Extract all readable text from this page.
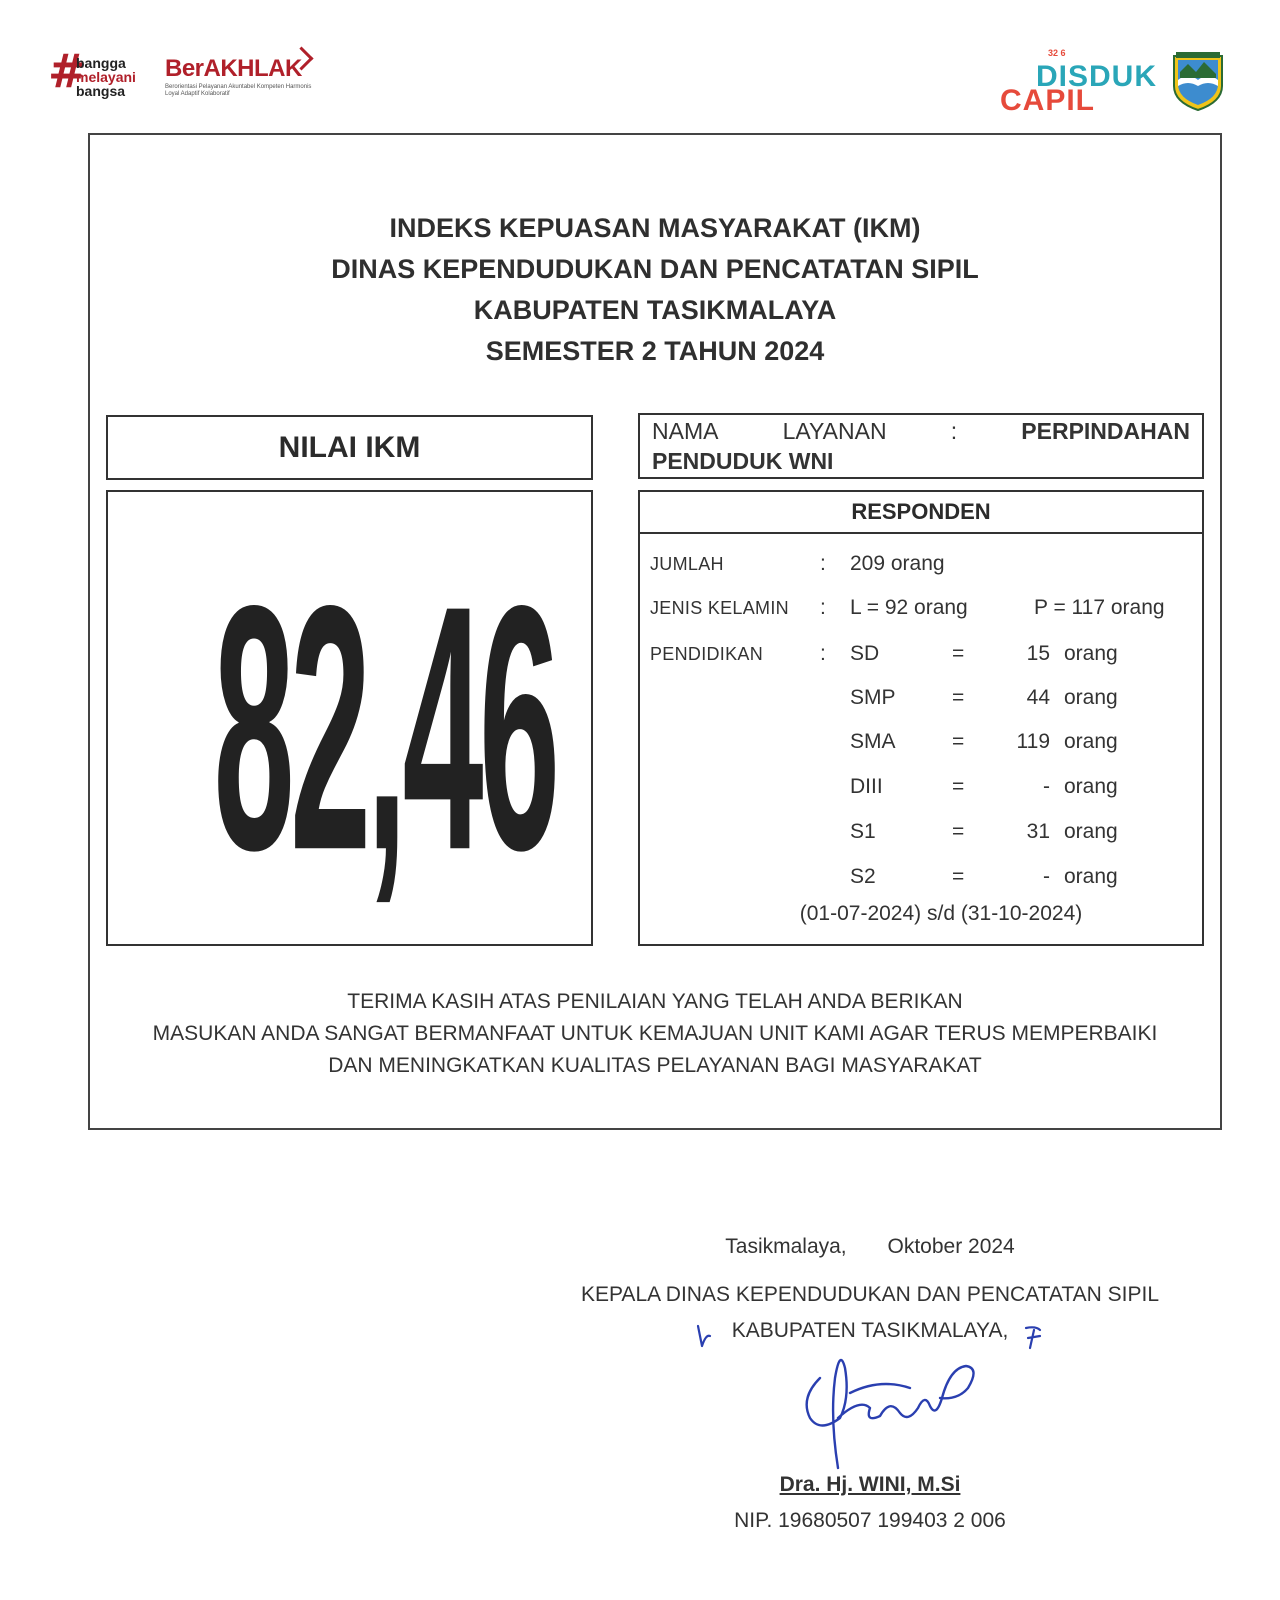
#
bangga
melayani
bangsa
BerAKHLAK
Berorientasi Pelayanan Akuntabel Kompeten Harmonis Loyal Adaptif Kolaboratif
32 6
DISDUK
CAPIL
INDEKS KEPUASAN MASYARAKAT (IKM)
DINAS KEPENDUDUKAN DAN PENCATATAN SIPIL
KABUPATEN TASIKMALAYA
SEMESTER 2 TAHUN 2024
NILAI IKM
82,46
NAMA	LAYANAN	:	PERPINDAHAN
PENDUDUK WNI
RESPONDEN
JUMLAH	: 209 orang
JENIS KELAMIN : L = 92 orang	P = 117 orang
PENDIDIKAN	: SD	=	15 orang
SMP	=	44 orang
SMA	=	119 orang
DIII	=	- orang
S1	=	31 orang
S2	=	- orang
(01-07-2024) s/d (31-10-2024)
TERIMA KASIH ATAS PENILAIAN YANG TELAH ANDA BERIKAN
MASUKAN ANDA SANGAT BERMANFAAT UNTUK KEMAJUAN UNIT KAMI AGAR TERUS MEMPERBAIKI
DAN MENINGKATKAN KUALITAS PELAYANAN BAGI MASYARAKAT
Tasikmalaya,       Oktober 2024
KEPALA DINAS KEPENDUDUKAN DAN PENCATATAN SIPIL
KABUPATEN TASIKMALAYA,
Dra. Hj. WINI, M.Si
NIP. 19680507 199403 2 006
